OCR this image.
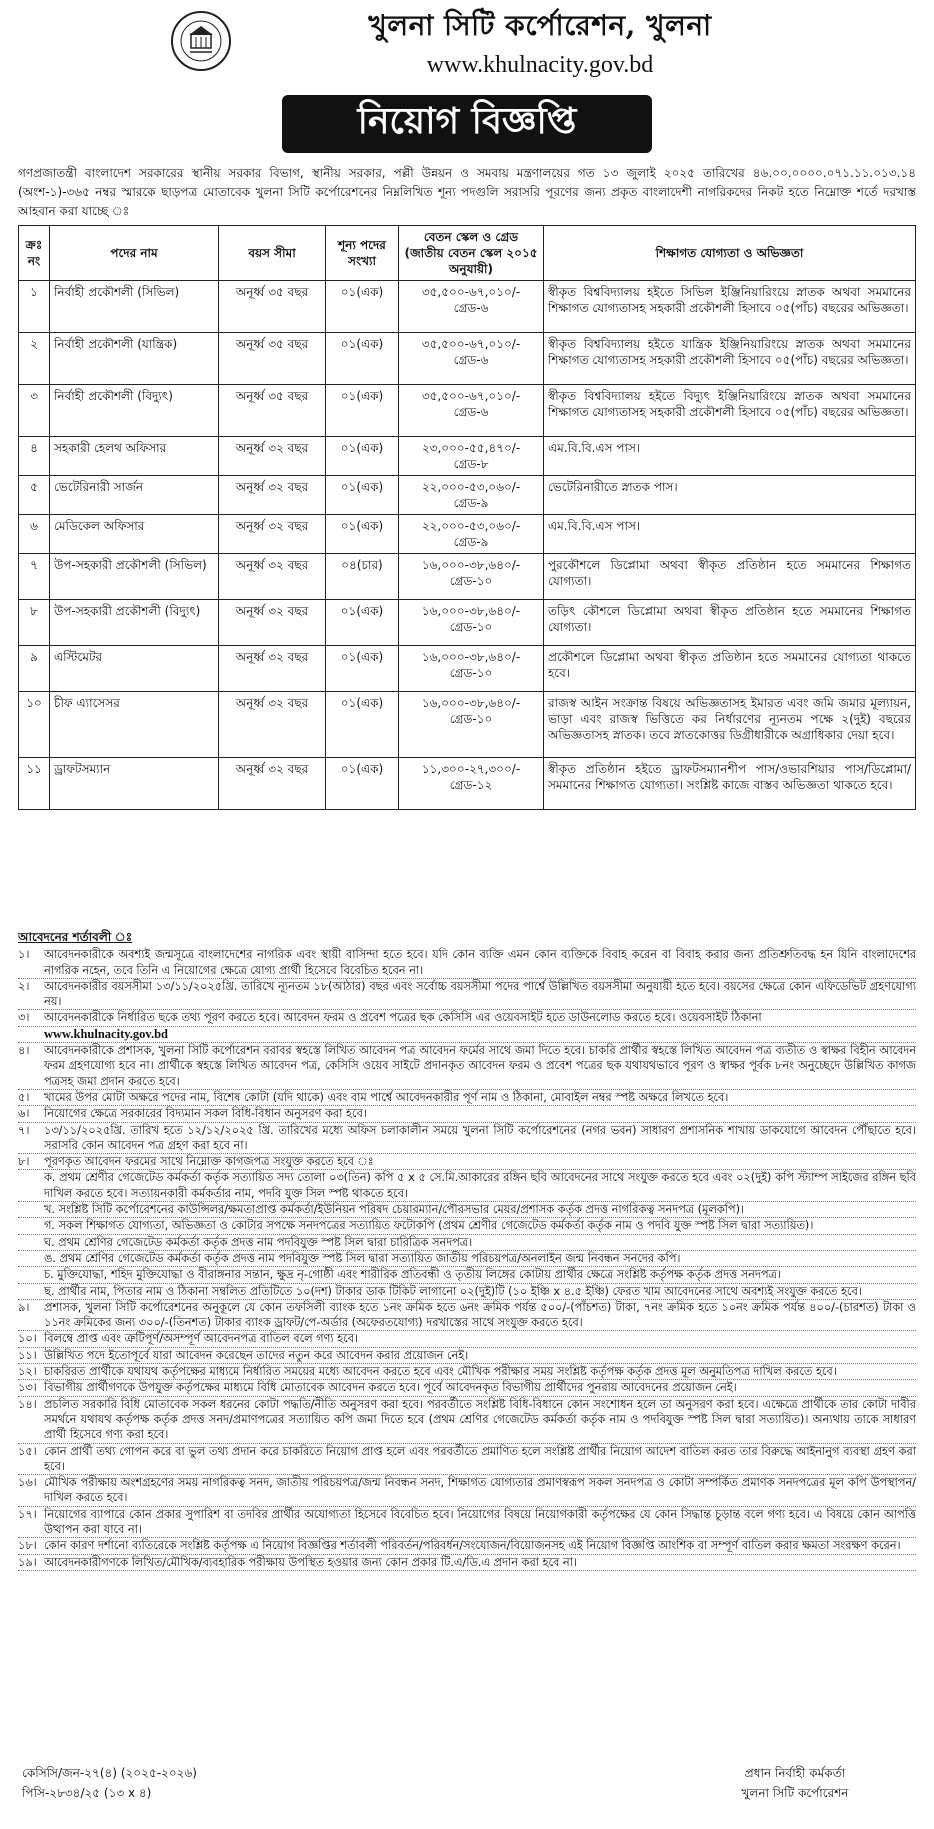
খুলনা সিটি কর্পোরেশন, খুলনা
www.khulnacity.gov.bd
নিয়োগ বিজ্ঞপ্তি
গণপ্রজাতন্ত্রী বাংলাদেশ সরকারের স্থানীয় সরকার বিভাগ, স্থানীয় সরকার, পল্লী উন্নয়ন ও সমবায় মন্ত্রণালয়ের গত ১৩ জুলাই ২০২৫ তারিখের ৪৬.০০.০০০০.০৭১.১১.০১৩.১৪ (অংশ-১)-৩৬৫ নম্বর স্মারকে ছাড়পত্র মোতাবেক খুলনা সিটি কর্পোরেশনের নিম্নলিখিত শূন্য পদগুলি সরাসরি পূরণের জন্য প্রকৃত বাংলাদেশী নাগরিকদের নিকট হতে নিম্নোক্ত শর্তে দরখাস্ত আহবান করা যাচ্ছে ঃ
ক্রঃ নং	পদের নাম	বয়স সীমা	শূন্য পদের সংখ্যা	বেতন স্কেল ও গ্রেড (জাতীয় বেতন স্কেল ২০১৫ অনুযায়ী)	শিক্ষাগত যোগ্যতা ও অভিজ্ঞতা
১	নির্বাহী প্রকৌশলী (সিভিল)	অনূর্ধ্ব ৩৫ বছর	০১(এক)	৩৫,৫০০-৬৭,০১০/- গ্রেড-৬	স্বীকৃত বিশ্ববিদ্যালয় হইতে সিভিল ইঞ্জিনিয়ারিংয়ে স্নাতক অথবা সমমানের শিক্ষাগত যোগ্যতাসহ সহকারী প্রকৌশলী হিসাবে ০৫(পাঁচ) বছরের অভিজ্ঞতা।
২	নির্বাহী প্রকৌশলী (যান্ত্রিক)	অনূর্ধ্ব ৩৫ বছর	০১(এক)	৩৫,৫০০-৬৭,০১০/- গ্রেড-৬	স্বীকৃত বিশ্ববিদ্যালয় হইতে যান্ত্রিক ইঞ্জিনিয়ারিংয়ে স্নাতক অথবা সমমানের শিক্ষাগত যোগ্যতাসহ সহকারী প্রকৌশলী হিসাবে ০৫(পাঁচ) বছরের অভিজ্ঞতা।
৩	নির্বাহী প্রকৌশলী (বিদ্যুৎ)	অনূর্ধ্ব ৩৫ বছর	০১(এক)	৩৫,৫০০-৬৭,০১০/- গ্রেড-৬	স্বীকৃত বিশ্ববিদ্যালয় হইতে বিদ্যুৎ ইঞ্জিনিয়ারিংয়ে স্নাতক অথবা সমমানের শিক্ষাগত যোগ্যতাসহ সহকারী প্রকৌশলী হিসাবে ০৫(পাঁচ) বছরের অভিজ্ঞতা।
৪	সহকারী হেলথ অফিসার	অনূর্ধ্ব ৩২ বছর	০১(এক)	২৩,০০০-৫৫,৪৭০/- গ্রেড-৮	এম.বি.বি.এস পাস।
৫	ভেটেরিনারী সার্জন	অনূর্ধ্ব ৩২ বছর	০১(এক)	২২,০০০-৫৩,০৬০/- গ্রেড-৯	ভেটেরিনারীতে স্নাতক পাস।
৬	মেডিকেল অফিসার	অনূর্ধ্ব ৩২ বছর	০১(এক)	২২,০০০-৫৩,০৬০/- গ্রেড-৯	এম.বি.বি.এস পাস।
৭	উপ-সহকারী প্রকৌশলী (সিভিল)	অনূর্ধ্ব ৩২ বছর	০৪(চার)	১৬,০০০-৩৮,৬৪০/- গ্রেড-১০	পুরকৌশলে ডিপ্লোমা অথবা স্বীকৃত প্রতিষ্ঠান হতে সমমানের শিক্ষাগত যোগ্যতা।
৮	উপ-সহকারী প্রকৌশলী (বিদ্যুৎ)	অনূর্ধ্ব ৩২ বছর	০১(এক)	১৬,০০০-৩৮,৬৪০/- গ্রেড-১০	তড়িৎ কৌশলে ডিপ্লোমা অথবা স্বীকৃত প্রতিষ্ঠান হতে সমমানের শিক্ষাগত যোগ্যতা।
৯	এস্টিমেটর	অনূর্ধ্ব ৩২ বছর	০১(এক)	১৬,০০০-৩৮,৬৪০/- গ্রেড-১০	প্রকৌশলে ডিপ্লোমা অথবা স্বীকৃত প্রতিষ্ঠান হতে সমমানের যোগ্যতা থাকতে হবে।
১০	চীফ এ্যাসেসর	অনূর্ধ্ব ৩২ বছর	০১(এক)	১৬,০০০-৩৮,৬৪০/- গ্রেড-১০	রাজস্ব আইন সংক্রান্ত বিষয়ে অভিজ্ঞতাসহ ইমারত এবং জমি জমার মূল্যায়ন, ভাড়া এবং রাজস্ব ভিত্তিতে কর নির্ধারণের ন্যূনতম পক্ষে ২(দুই) বছরের অভিজ্ঞতাসহ স্নাতক। তবে স্নাতকোত্তর ডিগ্রীধারীকে অগ্রাধিকার দেয়া হবে।
১১	ড্রাফটসম্যান	অনূর্ধ্ব ৩২ বছর	০১(এক)	১১,৩০০-২৭,৩০০/- গ্রেড-১২	স্বীকৃত প্রতিষ্ঠান হইতে ড্রাফটসম্যানশীপ পাস/ওভারশিয়ার পাস/ডিপ্লোমা/সমমানের শিক্ষাগত যোগ্যতা। সংশ্লিষ্ট কাজে বাস্তব অভিজ্ঞতা থাকতে হবে।
আবেদনের শর্তাবলী ঃ
১।	আবেদনকারীকে অবশ্যই জন্মসূত্রে বাংলাদেশের নাগরিক এবং স্থায়ী বাসিন্দা হতে হবে। যদি কোন ব্যক্তি এমন কোন ব্যক্তিকে বিবাহ করেন বা বিবাহ করার জন্য প্রতিশ্রুতিবদ্ধ হন যিনি বাংলাদেশের নাগরিক নহেন, তবে তিনি এ নিয়োগের ক্ষেত্রে যোগ্য প্রার্থী হিসেবে বিবেচিত হবেন না।
২।	আবেদনকারীর বয়সসীমা ১৩/১১/২০২৫খ্রি. তারিখে ন্যূনতম ১৮(আঠার) বছর এবং সর্বোচ্চ বয়সসীমা পদের পার্শ্বে উল্লিখিত বয়সসীমা অনুযায়ী হতে হবে। বয়সের ক্ষেত্রে কোন এফিডেভিট গ্রহণযোগ্য নয়।
৩।	আবেদনকারীকে নির্ধারিত ছকে তথ্য পূরণ করতে হবে। আবেদন ফরম ও প্রবেশ পত্রের ছক কেসিসি এর ওয়েবসাইট হতে ডাউনলোড করতে হবে। ওয়েবসাইট ঠিকানা
www.khulnacity.gov.bd
৪।	আবেদনকারীকে প্রশাসক, খুলনা সিটি কর্পোরেশন বরাবর স্বহস্তে লিখিত আবেদন পত্র আবেদন ফর্মের সাথে জমা দিতে হবে। চাকরি প্রার্থীর স্বহস্তে লিখিত আবেদন পত্র ব্যতীত ও স্বাক্ষর বিহীন আবেদন ফরম গ্রহণযোগ্য হবে না। প্রার্থীকে স্বহস্তে লিখিত আবেদন পত্র, কেসিসি ওয়েব সাইটে প্রদানকৃত আবেদন ফরম ও প্রবেশ পত্রের ছক যথাযথভাবে পূরণ ও স্বাক্ষর পূর্বক ৮নং অনুচ্ছেদে উল্লিখিত কাগজ পত্রসহ জমা প্রদান করতে হবে।
৫।	খামের উপর মোটা অক্ষরে পদের নাম, বিশেষ কোটা (যদি থাকে) এবং বাম পার্শ্বে আবেদনকারীর পূর্ণ নাম ও ঠিকানা, মোবাইল নম্বর স্পষ্ট অক্ষরে লিখতে হবে।
৬।	নিয়োগের ক্ষেত্রে সরকারের বিদ্যমান সকল বিধি-বিধান অনুসরণ করা হবে।
৭।	১৩/১১/২০২৫খ্রি. তারিখ হতে ১২/১২/২০২৫ খ্রি. তারিখের মধ্যে অফিস চলাকালীন সময়ে খুলনা সিটি কর্পোরেশনের (নগর ভবন) সাধারণ প্রশাসনিক শাখায় ডাকযোগে আবেদন পৌঁছাতে হবে। সরাসরি কোন আবেদন পত্র গ্রহণ করা হবে না।
৮।	পূরণকৃত আবেদন ফরমের সাথে নিম্নোক্ত কাগজপত্র সংযুক্ত করতে হবে ঃ
ক. প্রথম শ্রেণীর গেজেটেড কর্মকর্তা কর্তৃক সত্যায়িত সদ্য তোলা ০৩(তিন) কপি ৫ x ৫ সে.মি.আকারের রঙ্গিন ছবি আবেদনের সাথে সংযুক্ত করতে হবে এবং ০২(দুই) কপি স্ট্যাম্প সাইজের রঙ্গিন ছবি দাখিল করতে হবে। সত্যায়নকারী কর্মকর্তার নাম, পদবি যুক্ত সিল স্পষ্ট থাকতে হবে।
খ. সংশ্লিষ্ট সিটি কর্পোরেশনের কাউন্সিলর/ক্ষমতাপ্রাপ্ত কর্মকর্তা/ইউনিয়ন পরিষদ চেয়ারম্যান/পৌরসভার মেয়র/প্রশাসক কর্তৃক প্রদত্ত নাগরিকত্ব সনদপত্র (মূলকপি)।
গ. সকল শিক্ষাগত যোগ্যতা, অভিজ্ঞতা ও কোটার সপক্ষে সনদপত্রের সত্যায়িত ফটোকপি (প্রথম শ্রেণীর গেজেটেড কর্মকর্তা কর্তৃক নাম ও পদবি যুক্ত স্পষ্ট সিল দ্বারা সত্যায়িত)।
ঘ. প্রথম শ্রেণির গেজেটেড কর্মকর্তা কর্তৃক প্রদত্ত নাম পদবিযুক্ত স্পষ্ট সিল দ্বারা চারিত্রিক সনদপত্র।
ঙ. প্রথম শ্রেণির গেজেটেড কর্মকর্তা কর্তৃক প্রদত্ত নাম পদবিযুক্ত স্পষ্ট সিল দ্বারা সত্যায়িত জাতীয় পরিচয়পত্র/অনলাইন জন্ম নিবন্ধন সনদের কপি।
চ. মুক্তিযোদ্ধা, শহিদ মুক্তিযোদ্ধা ও বীরাঙ্গনার সন্তান, ক্ষুদ্র নৃ-গোষ্ঠী এবং শারীরিক প্রতিবন্ধী ও তৃতীয় লিঙ্গের কোটায় প্রার্থীর ক্ষেত্রে সংশ্লিষ্ট কর্তৃপক্ষ কর্তৃক প্রদত্ত সনদপত্র।
ছ. প্রার্থীর নাম, পিতার নাম ও ঠিকানা সম্বলিত প্রতিটিতে ১০(দশ) টাকার ডাক টিকিট লাগানো ০২(দুই)টি (১০ ইঞ্চি x ৪.৫ ইঞ্চি) ফেরত খাম আবেদনের সাথে অবশ্যই সংযুক্ত করতে হবে।
৯।	প্রশাসক, খুলনা সিটি কর্পোরেশনের অনুকূলে যে কোন তফসিলী ব্যাংক হতে ১নং ক্রমিক হতে ৬নং ক্রমিক পর্যন্ত ৫০০/-(পাঁচশত) টাকা, ৭নং ক্রমিক হতে ১০নং ক্রমিক পর্যন্ত ৪০০/-(চারশত) টাকা ও ১১নং ক্রমিকের জন্য ৩০০/-(তিনশত) টাকার ব্যাংক ড্রাফট/পে-অর্ডার (অফেরতযোগ্য) দরখাস্তের সাথে সংযুক্ত করতে হবে।
১০। বিলম্বে প্রাপ্ত এবং ত্রুটিপূর্ণ/অসম্পূর্ণ আবেদনপত্র বাতিল বলে গণ্য হবে।
১১। উল্লিখিত পদে ইতোপূর্বে যারা আবেদন করেছেন তাদের নতুন করে আবেদন করার প্রয়োজন নেই।
১২। চাকরিরত প্রার্থীকে যথাযথ কর্তৃপক্ষের মাধ্যমে নির্ধারিত সময়ের মধ্যে আবেদন করতে হবে এবং মৌখিক পরীক্ষার সময় সংশ্লিষ্ট কর্তৃপক্ষ কর্তৃক প্রদত্ত মূল অনুমতিপত্র দাখিল করতে হবে।
১৩। বিভাগীয় প্রার্থীগণকে উপযুক্ত কর্তৃপক্ষের মাধ্যমে বিধি মোতাবেক আবেদন করতে হবে। পূর্বে আবেদনকৃত বিভাগীয় প্রার্থীদের পুনরায় আবেদনের প্রয়োজন নেই।
১৪। প্রচলিত সরকারি বিধি মোতাবেক সকল ধরনের কোটা পদ্ধতি/নীতি অনুসরণ করা হবে। পরবর্তীতে সংশ্লিষ্ট বিধি-বিধানে কোন সংশোধন হলে তা অনুসরণ করা হবে। এক্ষেত্রে প্রার্থীকে তার কোটা দাবীর সমর্থনে যথাযথ কর্তৃপক্ষ কর্তৃক প্রদত্ত সনদ/প্রমাণপত্রের সত্যায়িত কপি জমা দিতে হবে (প্রথম শ্রেণির গেজেটেড কর্মকর্তা কর্তৃক নাম ও পদবিযুক্ত স্পষ্ট সিল দ্বারা সত্যায়িত)। অন্যথায় তাকে সাধারণ প্রার্থী হিসেবে গণ্য করা হবে।
১৫। কোন প্রার্থী তথ্য গোপন করে বা ভুল তথ্য প্রদান করে চাকরিতে নিয়োগ প্রাপ্ত হলে এবং পরবর্তীতে প্রমাণিত হলে সংশ্লিষ্ট প্রার্থীর নিয়োগ আদেশ বাতিল করত তার বিরুদ্ধে আইনানুগ ব্যবস্থা গ্রহণ করা হবে।
১৬। মৌখিক পরীক্ষায় অংশগ্রহণের সময় নাগরিকত্ব সনদ, জাতীয় পরিচয়পত্র/জন্ম নিবন্ধন সনদ, শিক্ষাগত যোগ্যতার প্রমাণস্বরূপ সকল সনদপত্র ও কোটা সম্পর্কিত প্রমাণক সনদপত্রের মূল কপি উপস্থাপন/দাখিল করতে হবে।
১৭। নিয়োগের ব্যাপারে কোন প্রকার সুপারিশ বা তদবির প্রার্থীর অযোগ্যতা হিসেবে বিবেচিত হবে। নিয়োগের বিষয়ে নিয়োগকারী কর্তৃপক্ষের যে কোন সিদ্ধান্ত চূড়ান্ত বলে গণ্য হবে। এ বিষয়ে কোন আপত্তি উত্থাপন করা যাবে না।
১৮। কোন কারণ দর্শানো ব্যতিরেকে সংশ্লিষ্ট কর্তৃপক্ষ এ নিয়োগ বিজ্ঞপ্তির শর্তাবলী পরিবর্তন/পরিবর্ধন/সংযোজন/বিয়োজনসহ এই নিয়োগ বিজ্ঞপ্তি আংশিক বা সম্পূর্ণ বাতিল করার ক্ষমতা সংরক্ষণ করেন।
১৯। আবেদনকারীগণকে লিখিত/মৌখিক/ব্যবহারিক পরীক্ষায় উপস্থিত হওয়ার জন্য কোন প্রকার টি.এ/ডি.এ প্রদান করা হবে না।
কেসিসি/জন-২৭(৪) (২০২৫-২০২৬)
পিসি-২৮৩৪/২৫ (১৩ x ৪)
প্রধান নির্বাহী কর্মকর্তা
খুলনা সিটি কর্পোরেশন
